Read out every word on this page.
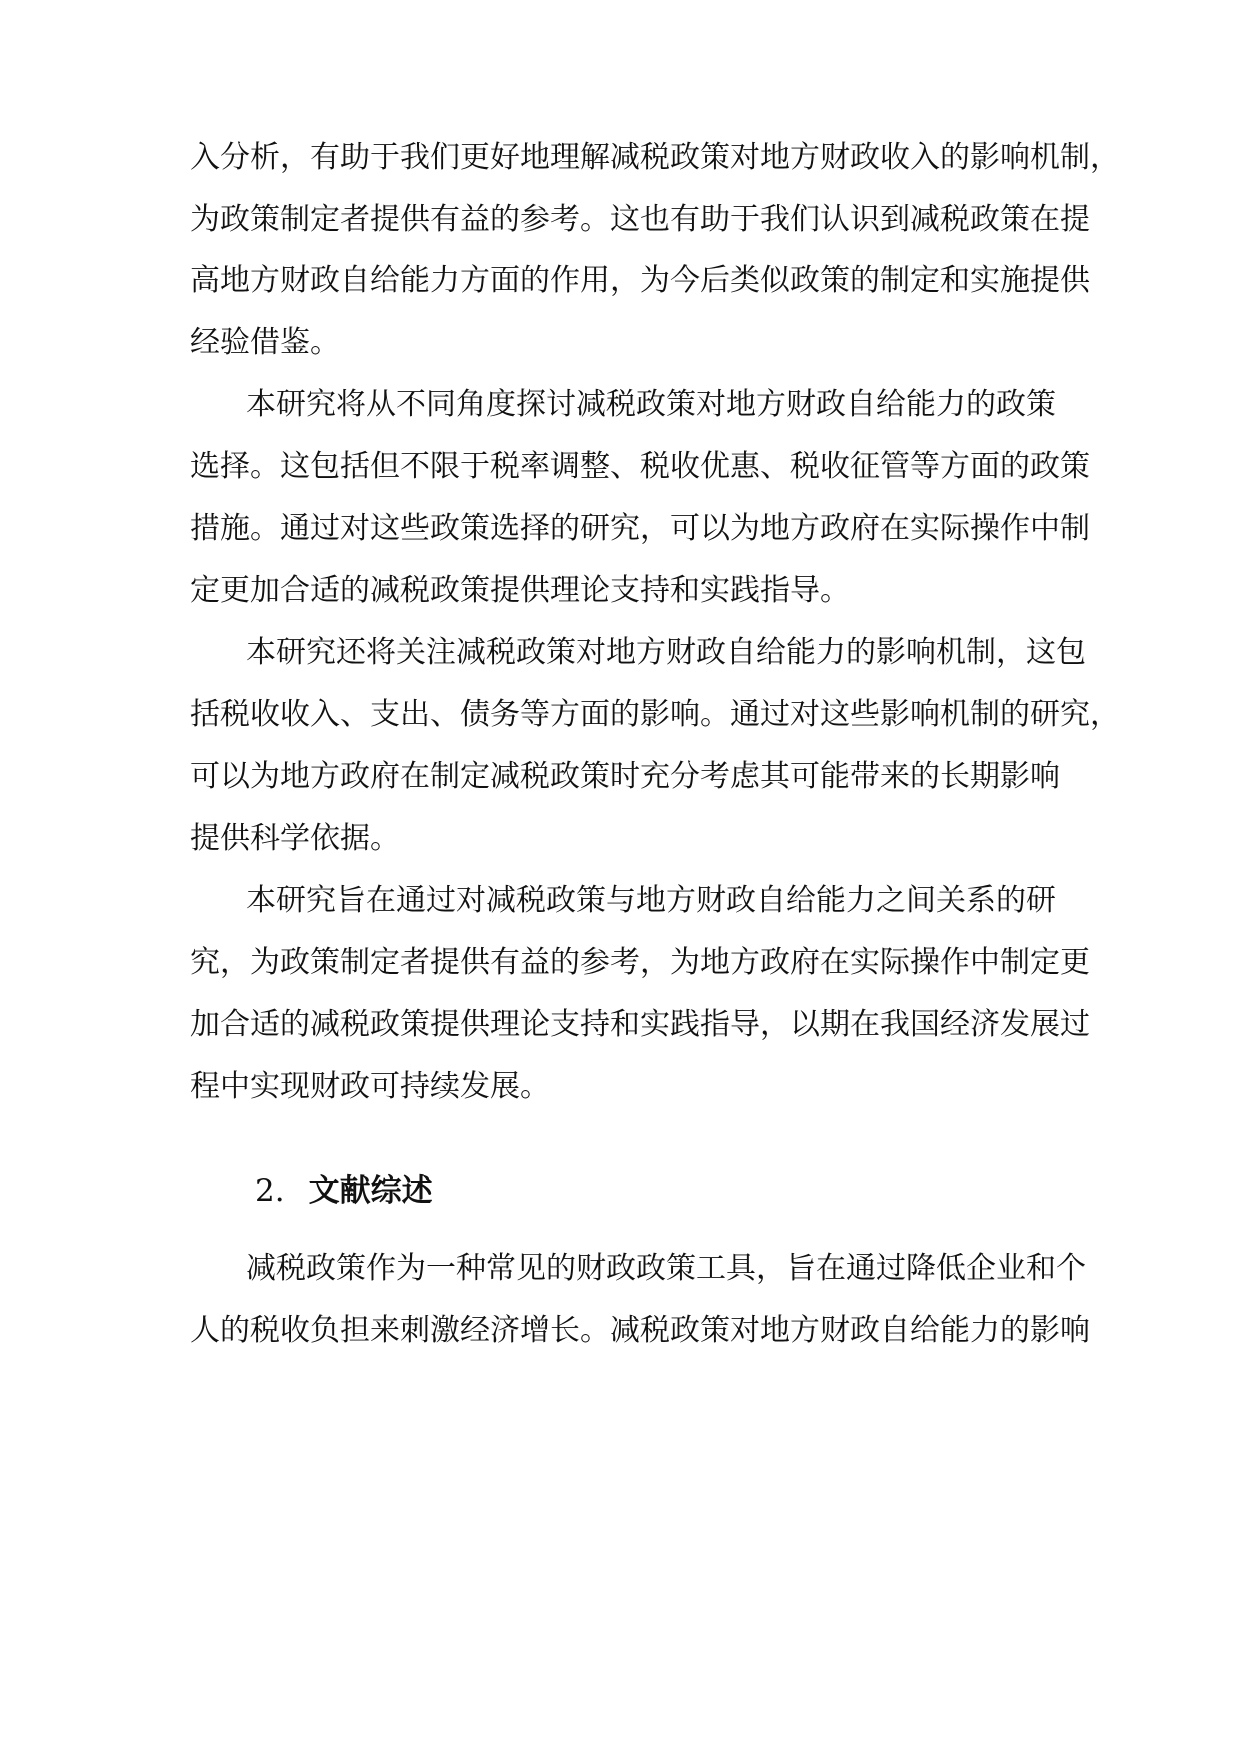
入分析，有助于我们更好地理解减税政策对地方财政收入的影响机制，
为政策制定者提供有益的参考。这也有助于我们认识到减税政策在提
高地方财政自给能力方面的作用，为今后类似政策的制定和实施提供
经验借鉴。
本研究将从不同角度探讨减税政策对地方财政自给能力的政策
选择。这包括但不限于税率调整、税收优惠、税收征管等方面的政策
措施。通过对这些政策选择的研究，可以为地方政府在实际操作中制
定更加合适的减税政策提供理论支持和实践指导。
本研究还将关注减税政策对地方财政自给能力的影响机制，这包
括税收收入、支出、债务等方面的影响。通过对这些影响机制的研究，
可以为地方政府在制定减税政策时充分考虑其可能带来的长期影响
提供科学依据。
本研究旨在通过对减税政策与地方财政自给能力之间关系的研
究，为政策制定者提供有益的参考，为地方政府在实际操作中制定更
加合适的减税政策提供理论支持和实践指导，以期在我国经济发展过
程中实现财政可持续发展。
2. 文献综述
减税政策作为一种常见的财政政策工具，旨在通过降低企业和个
人的税收负担来刺激经济增长。减税政策对地方财政自给能力的影响
